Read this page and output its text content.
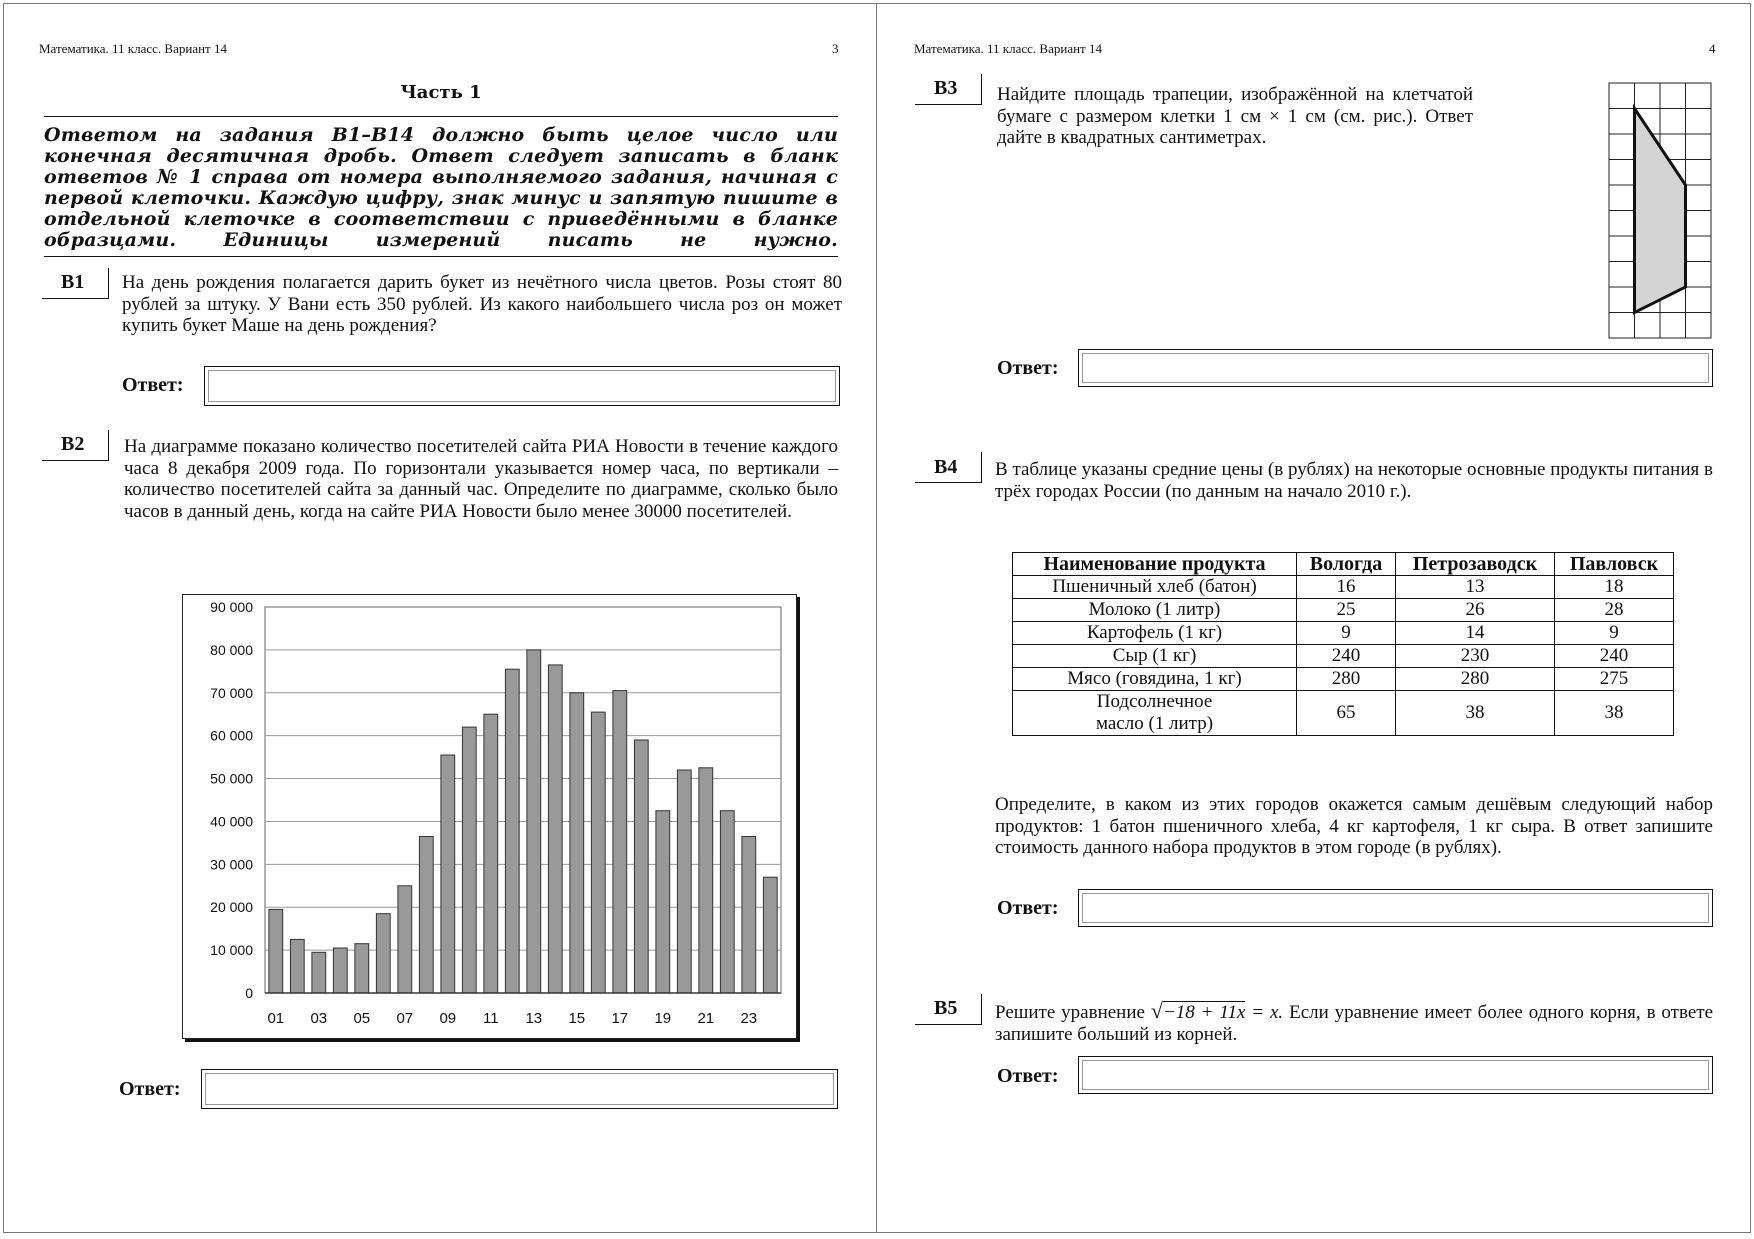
Математика. 11 класс. Вариант 14	3
Часть 1
Ответом на задания B1–B14 должно быть целое число или конечная десятичная дробь. Ответ следует записать в бланк ответов № 1 справа от номера выполняемого задания, начиная с первой клеточки. Каждую цифру, знак минус и запятую пишите в отдельной клеточке в соответствии с приведёнными в бланке образцами. Единицы измерений писать не нужно.
B1 На день рождения полагается дарить букет из нечётного числа цветов. Розы стоят 80 рублей за штуку. У Вани есть 350 рублей. Из какого наибольшего числа роз он может купить букет Маше на день рождения?
Ответ:
B2 На диаграмме показано количество посетителей сайта РИА Новости в течение каждого часа 8 декабря 2009 года. По горизонтали указывается номер часа, по вертикали – количество посетителей сайта за данный час. Определите по диаграмме, сколько было часов в данный день, когда на сайте РИА Новости было менее 30000 посетителей.
90 000
80 000
70 000
60 000
50 000
40 000
30 000
20 000
10 000
0
01 03 05 07 09 11 13 15 17 19 21 23
Ответ:
Математика. 11 класс. Вариант 14	4
B3 Найдите площадь трапеции, изображённой на клетчатой бумаге с размером клетки 1 см × 1 см (см. рис.). Ответ дайте в квадратных сантиметрах.
Ответ:
B4 В таблице указаны средние цены (в рублях) на некоторые основные продукты питания в трёх городах России (по данным на начало 2010 г.).
Наименование продукта	Вологда	Петрозаводск	Павловск
Пшеничный хлеб (батон)	16	13	18
Молоко (1 литр)	25	26	28
Картофель (1 кг)	9	14	9
Сыр (1 кг)	240	230	240
Мясо (говядина, 1 кг)	280	280	275
Подсолнечное масло (1 литр)	65	38	38
Определите, в каком из этих городов окажется самым дешёвым следующий набор продуктов: 1 батон пшеничного хлеба, 4 кг картофеля, 1 кг сыра. В ответ запишите стоимость данного набора продуктов в этом городе (в рублях).
Ответ:
B5 Решите уравнение √−18 + 11x = x. Если уравнение имеет более одного корня, в ответе запишите больший из корней.
Ответ:
